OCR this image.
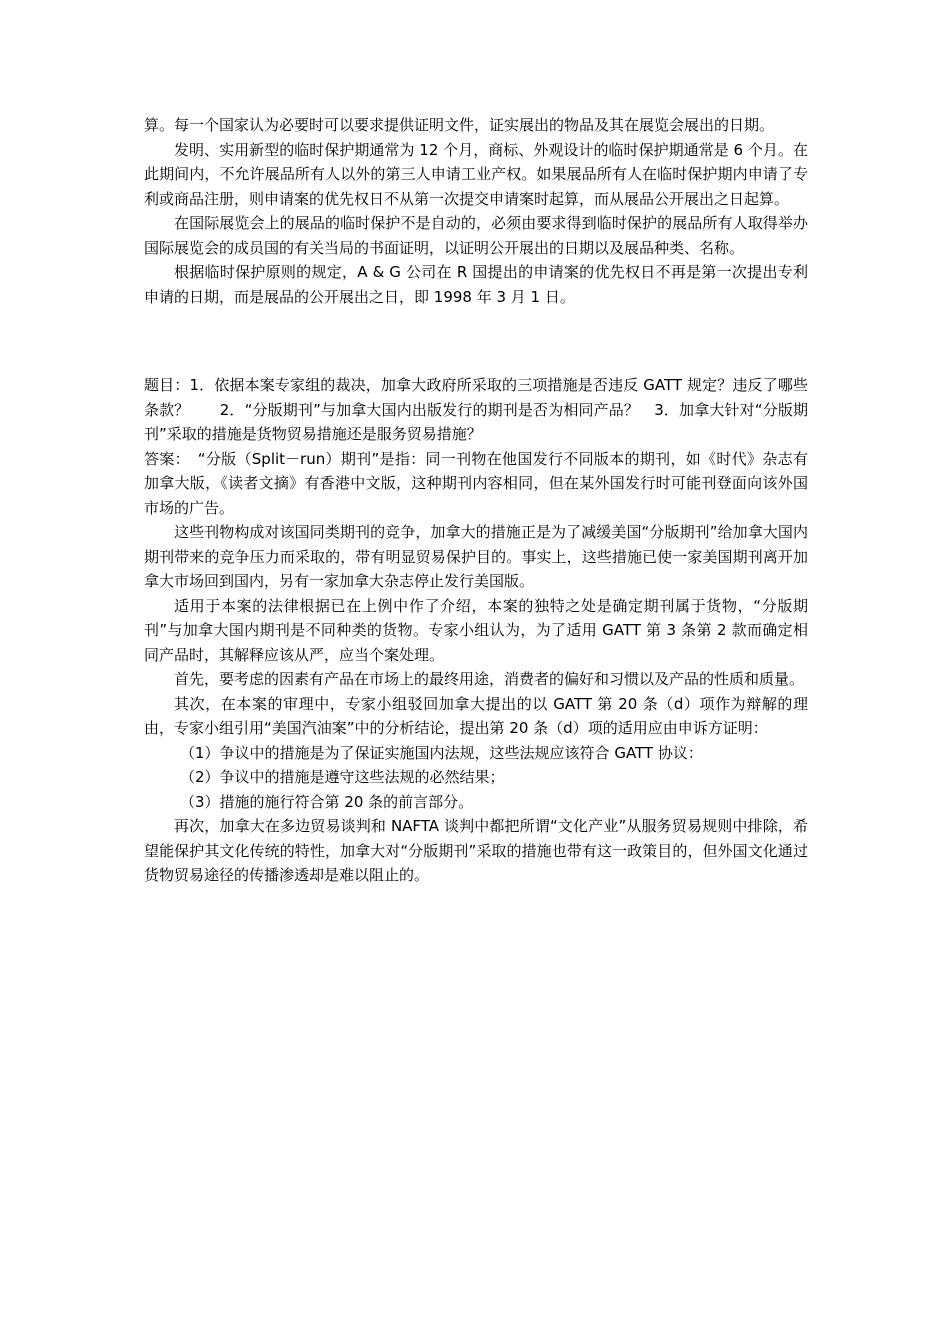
算。每一个国家认为必要时可以要求提供证明文件，证实展出的物品及其在展览会展出的日期。

发明、实用新型的临时保护期通常为 12 个月，商标、外观设计的临时保护期通常是 6 个月。在此期间内，不允许展品所有人以外的第三人申请工业产权。如果展品所有人在临时保护期内申请了专利或商品注册，则申请案的优先权日不从第一次提交申请案时起算，而从展品公开展出之日起算。

在国际展览会上的展品的临时保护不是自动的，必须由要求得到临时保护的展品所有人取得举办国际展览会的成员国的有关当局的书面证明，以证明公开展出的日期以及展品种类、名称。

根据临时保护原则的规定，A & G 公司在 R 国提出的申请案的优先权日不再是第一次提出专利申请的日期，而是展品的公开展出之日，即 1998 年 3 月 1 日。

题目：1．依据本案专家组的裁决，加拿大政府所采取的三项措施是否违反 GATT 规定？违反了哪些条款？　　2．“分版期刊”与加拿大国内出版发行的期刊是否为相同产品？　3．加拿大针对“分版期刊”采取的措施是货物贸易措施还是服务贸易措施？

答案：　“分版（Split－run）期刊”是指：同一刊物在他国发行不同版本的期刊，如《时代》杂志有加拿大版，《读者文摘》有香港中文版，这种期刊内容相同，但在某外国发行时可能刊登面向该外国市场的广告。

这些刊物构成对该国同类期刊的竞争，加拿大的措施正是为了减缓美国“分版期刊”给加拿大国内期刊带来的竞争压力而采取的，带有明显贸易保护目的。事实上，这些措施已使一家美国期刊离开加拿大市场回到国内，另有一家加拿大杂志停止发行美国版。

适用于本案的法律根据已在上例中作了介绍，本案的独特之处是确定期刊属于货物，“分版期刊”与加拿大国内期刊是不同种类的货物。专家小组认为，为了适用 GATT 第 3 条第 2 款而确定相同产品时，其解释应该从严，应当个案处理。

首先，要考虑的因素有产品在市场上的最终用途，消费者的偏好和习惯以及产品的性质和质量。

其次，在本案的审理中，专家小组驳回加拿大提出的以 GATT 第 20 条（d）项作为辩解的理由，专家小组引用“美国汽油案”中的分析结论，提出第 20 条（d）项的适用应由申诉方证明：

（1）争议中的措施是为了保证实施国内法规，这些法规应该符合 GATT 协议：

（2）争议中的措施是遵守这些法规的必然结果；

（3）措施的施行符合第 20 条的前言部分。

再次，加拿大在多边贸易谈判和 NAFTA 谈判中都把所谓“文化产业”从服务贸易规则中排除，希望能保护其文化传统的特性，加拿大对“分版期刊”采取的措施也带有这一政策目的，但外国文化通过货物贸易途径的传播渗透却是难以阻止的。
